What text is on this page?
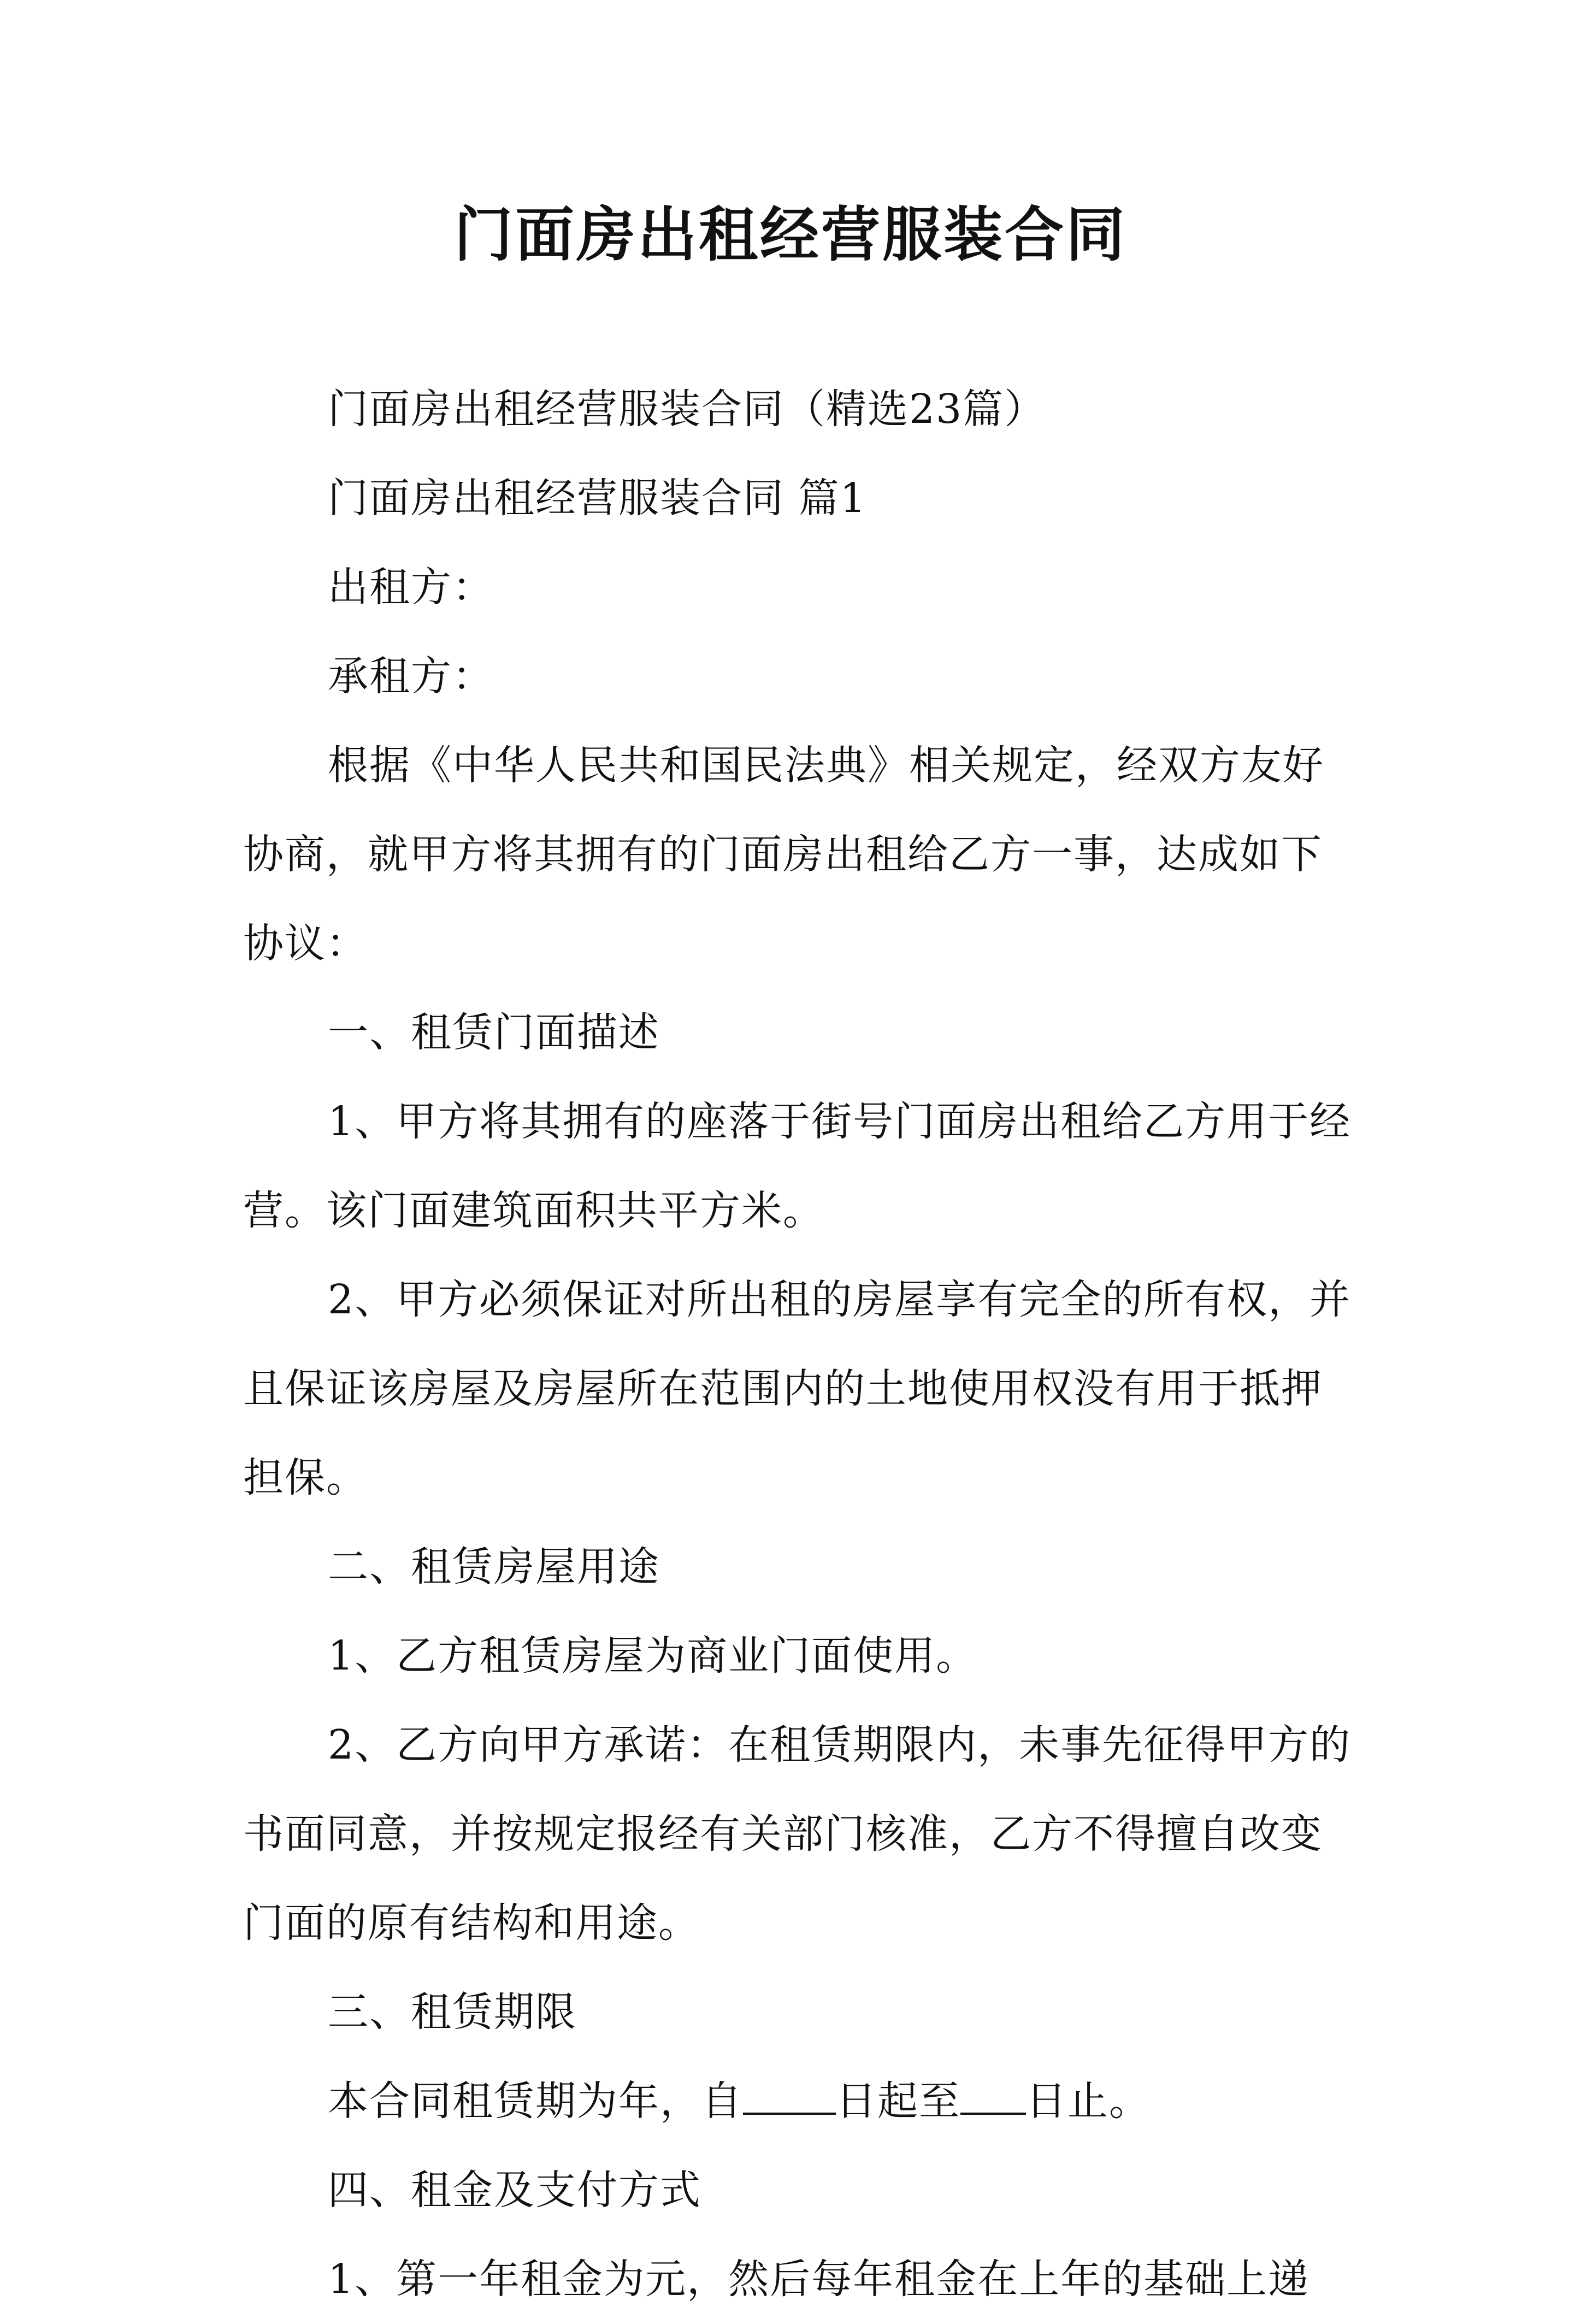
门面房出租经营服装合同

门面房出租经营服装合同（精选23篇）

门面房出租经营服装合同 篇1

出租方：

承租方：

根据《中华人民共和国民法典》相关规定，经双方友好协商，就甲方将其拥有的门面房出租给乙方一事，达成如下协议：

一、租赁门面描述

1、甲方将其拥有的座落于街号门面房出租给乙方用于经营。该门面建筑面积共平方米。

2、甲方必须保证对所出租的房屋享有完全的所有权，并且保证该房屋及房屋所在范围内的土地使用权没有用于抵押担保。

二、租赁房屋用途

1、乙方租赁房屋为商业门面使用。

2、乙方向甲方承诺：在租赁期限内，未事先征得甲方的书面同意，并按规定报经有关部门核准，乙方不得擅自改变门面的原有结构和用途。

三、租赁期限

本合同租赁期为年，自 日起至 日止。

四、租金及支付方式

1、第一年租金为元，然后每年租金在上年的基础上递
